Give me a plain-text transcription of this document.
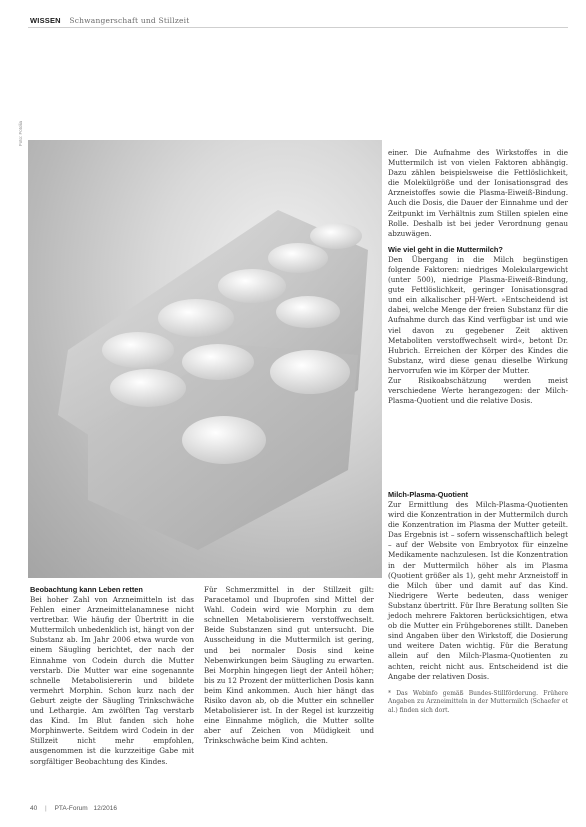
WISSEN Schwangerschaft und Stillzeit
Foto: Fotolia

einer. Die Aufnahme des Wirkstoffes in die Muttermilch ist von vielen Faktoren abhängig. Dazu zählen beispielsweise die Fettlöslichkeit, die Molekülgröße und der Ionisationsgrad des Arzneistoffes sowie die Plasma-Eiweiß-Bindung. Auch die Dosis, die Dauer der Einnahme und der Zeitpunkt im Verhältnis zum Stillen spielen eine Rolle. Deshalb ist bei jeder Verordnung genau abzuwägen.

Wie viel geht in die Muttermilch?

Den Übergang in die Milch begünstigen folgende Faktoren: niedriges Molekulargewicht (unter 500), niedrige Plasma-Eiweiß-Bindung, gute Fettlöslichkeit, geringer Ionisationsgrad und ein alkalischer pH-Wert. »Entscheidend ist dabei, welche Menge der freien Substanz für die Aufnahme durch das Kind verfügbar ist und wie viel davon zu gegebener Zeit aktiven Metaboliten verstoffwechselt wird«, betont Dr. Hubrich. Erreichen der Körper des Kindes die Substanz, wird diese genau dieselbe Wirkung hervorrufen wie im Körper der Mutter.

Zur Risikoabschätzung werden meist verschiedene Werte herangezogen: der Milch-Plasma-Quotient und die relative Dosis.

Milch-Plasma-Quotient

Zur Ermittlung des Milch-Plasma-Quotienten wird die Konzentration in der Muttermilch durch die Konzentration im Plasma der Mutter geteilt. Das Ergebnis ist – sofern wissenschaftlich belegt – auf der Website von Embryotox für einzelne Medikamente nachzulesen. Ist die Konzentration in der Muttermilch höher als im Plasma (Quotient größer als 1), geht mehr Arzneistoff in die Milch über und damit auf das Kind. Niedrigere Werte bedeuten, dass weniger Substanz übertritt. Für Ihre Beratung sollten Sie jedoch mehrere Faktoren berücksichtigen, etwa ob die Mutter ein Frühgeborenes stillt. Daneben sind Angaben über den Wirkstoff, die Dosierung und weitere Daten wichtig. Für die Beratung allein auf den Milch-Plasma-Quotienten zu achten, reicht nicht aus. Entscheidend ist die Angabe der relativen Dosis.

* Das Webinfo gemäß Bundes-Stillförderung. Frühere Angaben zu Arzneimitteln in der Muttermilch (Schaefer et al.) finden sich dort.

Beobachtung kann Leben retten

Bei hoher Zahl von Arzneimitteln ist das Fehlen einer Arzneimittelanamnese nicht vertretbar. Wie häufig der Übertritt in die Muttermilch unbedenklich ist, hängt von der Substanz ab. Im Jahr 2006 etwa wurde von einem Säugling berichtet, der nach der Einnahme von Codein durch die Mutter verstarb. Die Mutter war eine sogenannte schnelle Metabolisiererin und bildete vermehrt Morphin. Schon kurz nach der Geburt zeigte der Säugling Trinkschwäche und Lethargie. Am zwölften Tag verstarb das Kind. Im Blut fanden sich hohe Morphinwerte. Seitdem wird Codein in der Stillzeit nicht mehr empfohlen, ausgenommen ist die kurzzeitige Gabe mit sorgfältiger Beobachtung des Kindes.

Für Schmerzmittel in der Stillzeit gilt: Paracetamol und Ibuprofen sind Mittel der Wahl. Codein wird wie Morphin zu dem schnellen Metabolisierern verstoffwechselt. Beide Substanzen sind gut untersucht. Die Ausscheidung in die Muttermilch ist gering, und bei normaler Dosis sind keine Nebenwirkungen beim Säugling zu erwarten. Bei Morphin hingegen liegt der Anteil höher; bis zu 12 Prozent der mütterlichen Dosis kann beim Kind ankommen. Auch hier hängt das Risiko davon ab, ob die Mutter ein schneller Metabolisierer ist. In der Regel ist kurzzeitig eine Einnahme möglich, die Mutter sollte aber auf Zeichen von Müdigkeit und Trinkschwäche beim Kind achten.

40 | PTA-Forum 12/2016
